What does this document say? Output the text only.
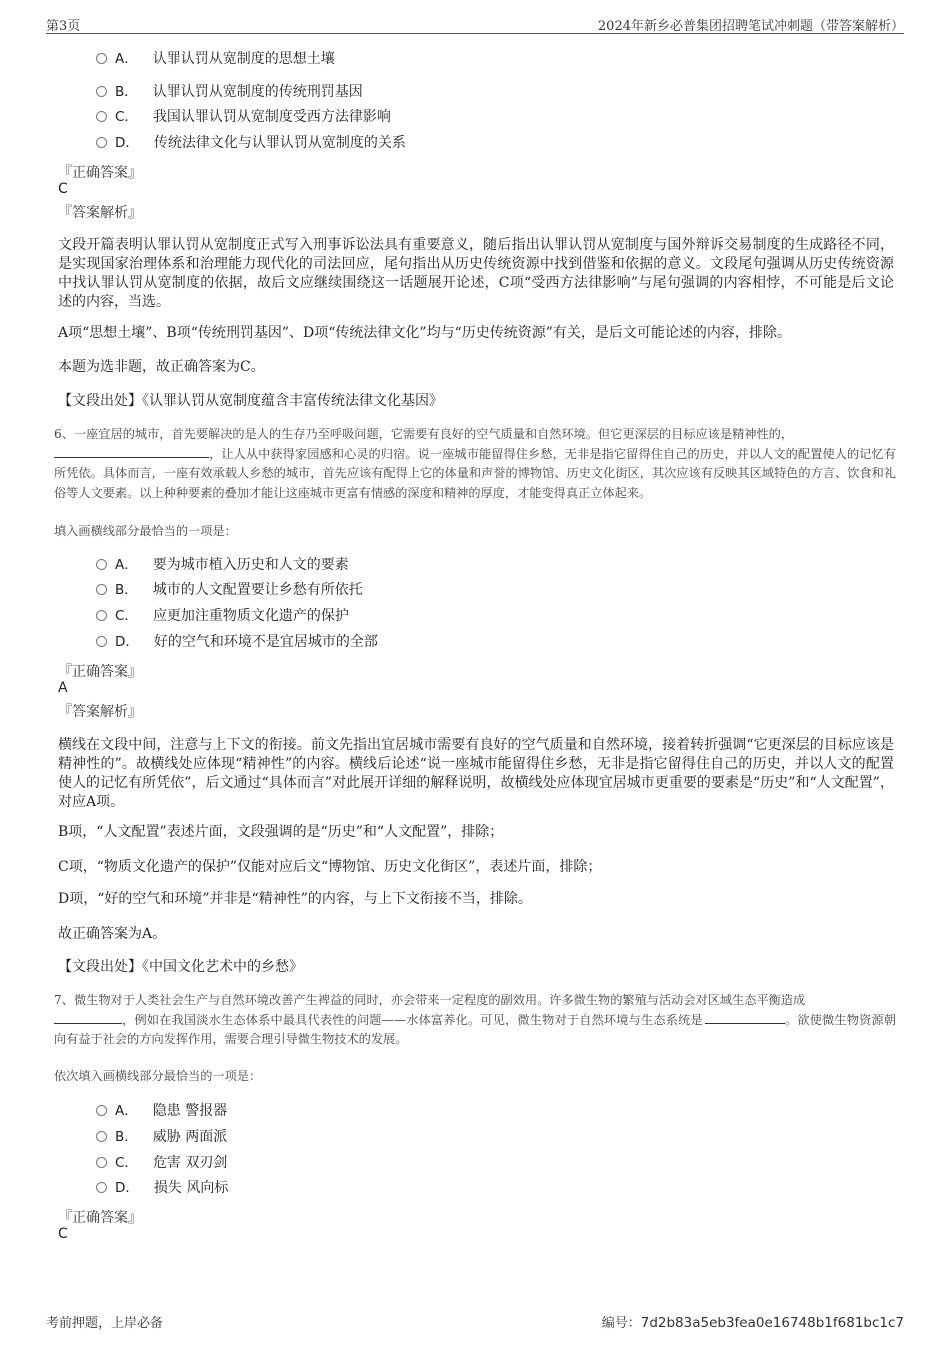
第3页	2024年新乡必普集团招聘笔试冲刺题（带答案解析）
A． 认罪认罚从宽制度的思想土壤
B． 认罪认罚从宽制度的传统刑罚基因
C． 我国认罪认罚从宽制度受西方法律影响
D． 传统法律文化与认罪认罚从宽制度的关系
『正确答案』
C
『答案解析』
文段开篇表明认罪认罚从宽制度正式写入刑事诉讼法具有重要意义，随后指出认罪认罚从宽制度与国外辩诉交易制度的生成路径不同，是实现国家治理体系和治理能力现代化的司法回应，尾句指出从历史传统资源中找到借鉴和依据的意义。文段尾句强调从历史传统资源中找认罪认罚从宽制度的依据，故后文应继续围绕这一话题展开论述，C项“受西方法律影响”与尾句强调的内容相悖，不可能是后文论述的内容，当选。
A项“思想土壤”、B项“传统刑罚基因”、D项“传统法律文化”均与“历史传统资源”有关，是后文可能论述的内容，排除。
本题为选非题，故正确答案为C。
【文段出处】《认罪认罚从宽制度蕴含丰富传统法律文化基因》
6、一座宜居的城市，首先要解决的是人的生存乃至呼吸问题，它需要有良好的空气质量和自然环境。但它更深层的目标应该是精神性的，
，让人从中获得家园感和心灵的归宿。说一座城市能留得住乡愁，无非是指它留得住自己的历史，并以人文的配置使人的记忆有所凭依。具体而言，一座有效承载人乡愁的城市，首先应该有配得上它的体量和声誉的博物馆、历史文化街区，其次应该有反映其区域特色的方言、饮食和礼俗等人文要素。以上种种要素的叠加才能让这座城市更富有情感的深度和精神的厚度，才能变得真正立体起来。
填入画横线部分最恰当的一项是：
A． 要为城市植入历史和人文的要素
B． 城市的人文配置要让乡愁有所依托
C． 应更加注重物质文化遗产的保护
D． 好的空气和环境不是宜居城市的全部
『正确答案』
A
『答案解析』
横线在文段中间，注意与上下文的衔接。前文先指出宜居城市需要有良好的空气质量和自然环境，接着转折强调“它更深层的目标应该是精神性的”。故横线处应体现“精神性”的内容。横线后论述“说一座城市能留得住乡愁，无非是指它留得住自己的历史，并以人文的配置使人的记忆有所凭依”，后文通过“具体而言”对此展开详细的解释说明，故横线处应体现宜居城市更重要的要素是“历史”和“人文配置”，对应A项。
B项，“人文配置”表述片面，文段强调的是“历史”和“人文配置”，排除；
C项，“物质文化遗产的保护”仅能对应后文“博物馆、历史文化街区”，表述片面，排除；
D项，“好的空气和环境”并非是“精神性”的内容，与上下文衔接不当，排除。
故正确答案为A。
【文段出处】《中国文化艺术中的乡愁》
7、微生物对于人类社会生产与自然环境改善产生裨益的同时，亦会带来一定程度的副效用。许多微生物的繁殖与活动会对区域生态平衡造成
，例如在我国淡水生态体系中最具代表性的问题——水体富养化。可见，微生物对于自然环境与生态系统是	。欲使微生物资源朝向有益于社会的方向发挥作用，需要合理引导微生物技术的发展。
依次填入画横线部分最恰当的一项是：
A． 隐患 警报器
B． 威胁 两面派
C． 危害 双刃剑
D． 损失 风向标
『正确答案』
C
考前押题，上岸必备	编号：7d2b83a5eb3fea0e16748b1f681bc1c7
